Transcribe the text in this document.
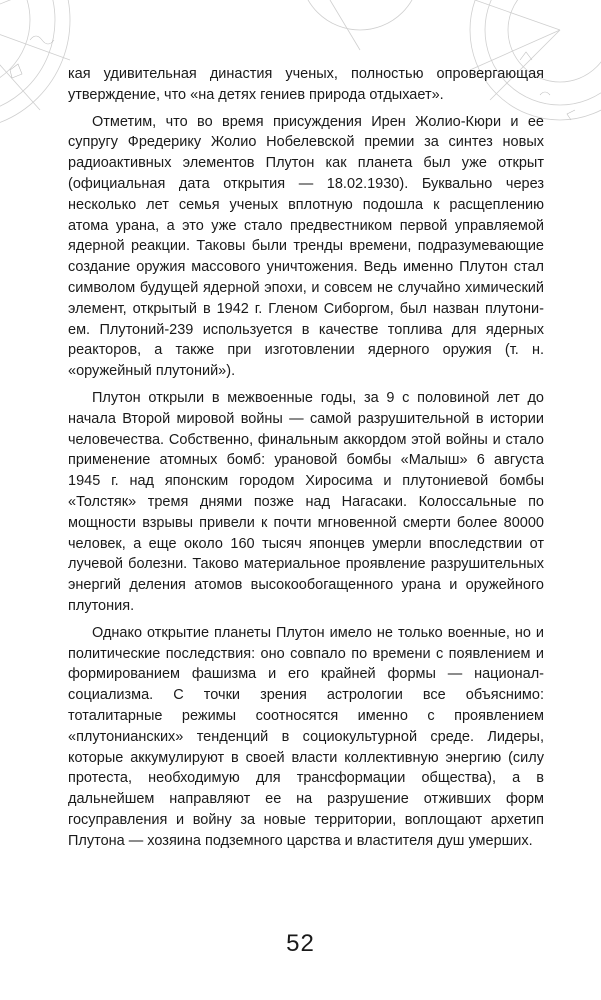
кая удивительная династия ученых, полностью опровергающая утверждение, что «на детях гениев природа отдыхает».

Отметим, что во время присуждения Ирен Жолио-Кюри и ее супругу Фредерику Жолио Нобелевской премии за синтез новых радиоактивных элементов Плутон как планета был уже открыт (официальная дата открытия — 18.02.1930). Буквально через несколько лет семья ученых вплотную подошла к расщеплению атома урана, а это уже стало предвестником первой управляемой ядерной реакции. Таковы были тренды времени, подразумевающие создание оружия массового уничтожения. Ведь именно Плутон стал символом будущей ядерной эпохи, и совсем не случайно химический элемент, открытый в 1942 г. Гленом Сиборгом, был назван плутонием. Плутоний-239 используется в качестве топлива для ядерных реакторов, а также при изготовлении ядерного оружия (т. н. «оружейный плутоний»).

Плутон открыли в межвоенные годы, за 9 с половиной лет до начала Второй мировой войны — самой разрушительной в истории человечества. Собственно, финальным аккордом этой войны и стало применение атомных бомб: урановой бомбы «Малыш» 6 августа 1945 г. над японским городом Хиросима и плутониевой бомбы «Толстяк» тремя днями позже над Нагасаки. Колоссальные по мощности взрывы привели к почти мгновенной смерти более 80000 человек, а еще около 160 тысяч японцев умерли впоследствии от лучевой болезни. Таково материальное проявление разрушительных энергий деления атомов высокообогащенного урана и оружейного плутония.

Однако открытие планеты Плутон имело не только военные, но и политические последствия: оно совпало по времени с появлением и формированием фашизма и его крайней формы — национал-социализма. С точки зрения астрологии все объяснимо: тоталитарные режимы соотносятся именно с проявлением «плутонианских» тенденций в социокультурной среде. Лидеры, которые аккумулируют в своей власти коллективную энергию (силу протеста, необходимую для трансформации общества), а в дальнейшем направляют ее на разрушение отживших форм госуправления и войну за новые территории, воплощают архетип Плутона — хозяина подземного царства и властителя душ умерших.

52
